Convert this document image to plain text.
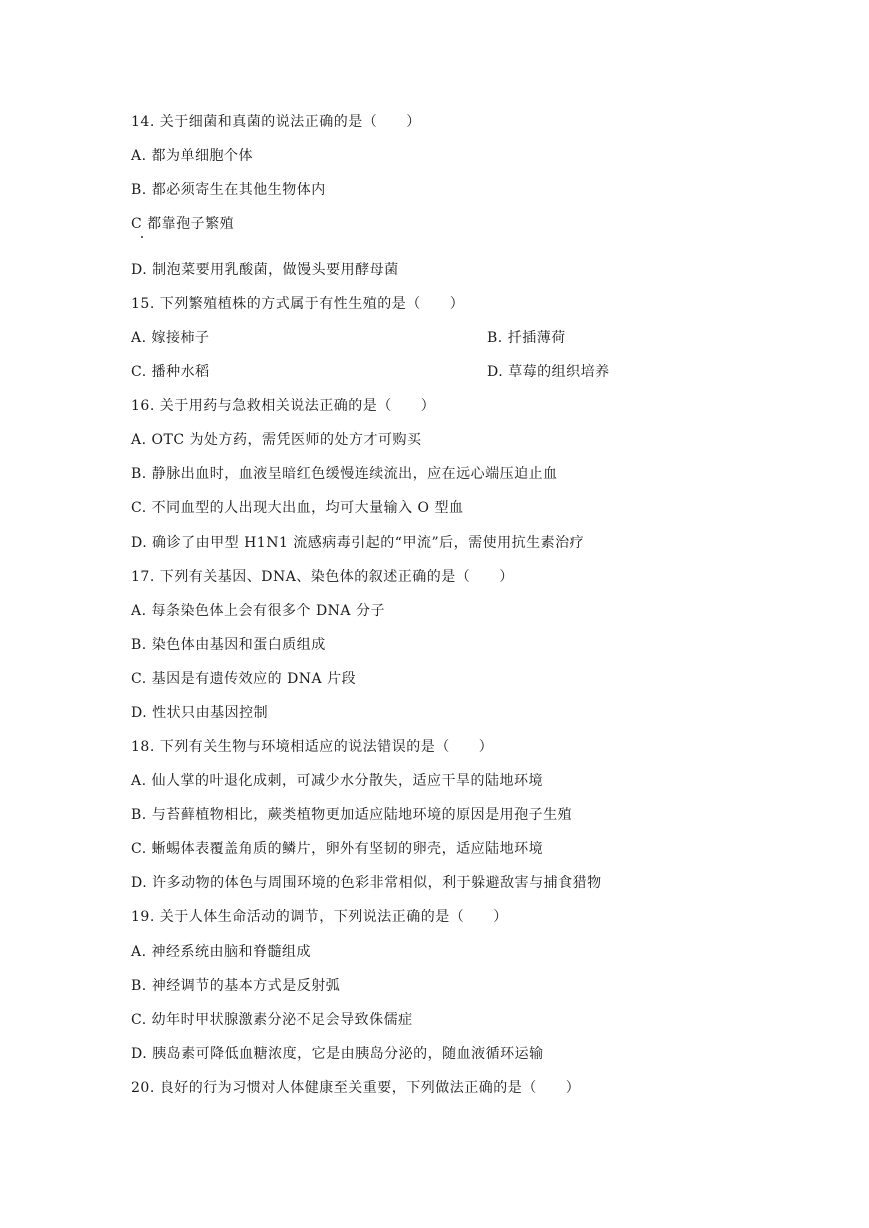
14. 关于细菌和真菌的说法正确的是（　　）
A. 都为单细胞个体
B. 都必须寄生在其他生物体内
C 都靠孢子繁殖
D. 制泡菜要用乳酸菌，做馒头要用酵母菌
15. 下列繁殖植株的方式属于有性生殖的是（　　）
A. 嫁接柿子	B. 扦插薄荷
C. 播种水稻	D. 草莓的组织培养
16. 关于用药与急救相关说法正确的是（　　）
A. OTC 为处方药，需凭医师的处方才可购买
B. 静脉出血时，血液呈暗红色缓慢连续流出，应在远心端压迫止血
C. 不同血型的人出现大出血，均可大量输入 O 型血
D. 确诊了由甲型 H1N1 流感病毒引起的“甲流”后，需使用抗生素治疗
17. 下列有关基因、DNA、染色体的叙述正确的是（　　）
A. 每条染色体上会有很多个 DNA 分子
B. 染色体由基因和蛋白质组成
C. 基因是有遗传效应的 DNA 片段
D. 性状只由基因控制
18. 下列有关生物与环境相适应的说法错误的是（　　）
A. 仙人掌的叶退化成刺，可减少水分散失，适应干旱的陆地环境
B. 与苔藓植物相比，蕨类植物更加适应陆地环境的原因是用孢子生殖
C. 蜥蜴体表覆盖角质的鳞片，卵外有坚韧的卵壳，适应陆地环境
D. 许多动物的体色与周围环境的色彩非常相似，利于躲避敌害与捕食猎物
19. 关于人体生命活动的调节，下列说法正确的是（　　）
A. 神经系统由脑和脊髓组成
B. 神经调节的基本方式是反射弧
C. 幼年时甲状腺激素分泌不足会导致侏儒症
D. 胰岛素可降低血糖浓度，它是由胰岛分泌的，随血液循环运输
20. 良好的行为习惯对人体健康至关重要，下列做法正确的是（　　）
